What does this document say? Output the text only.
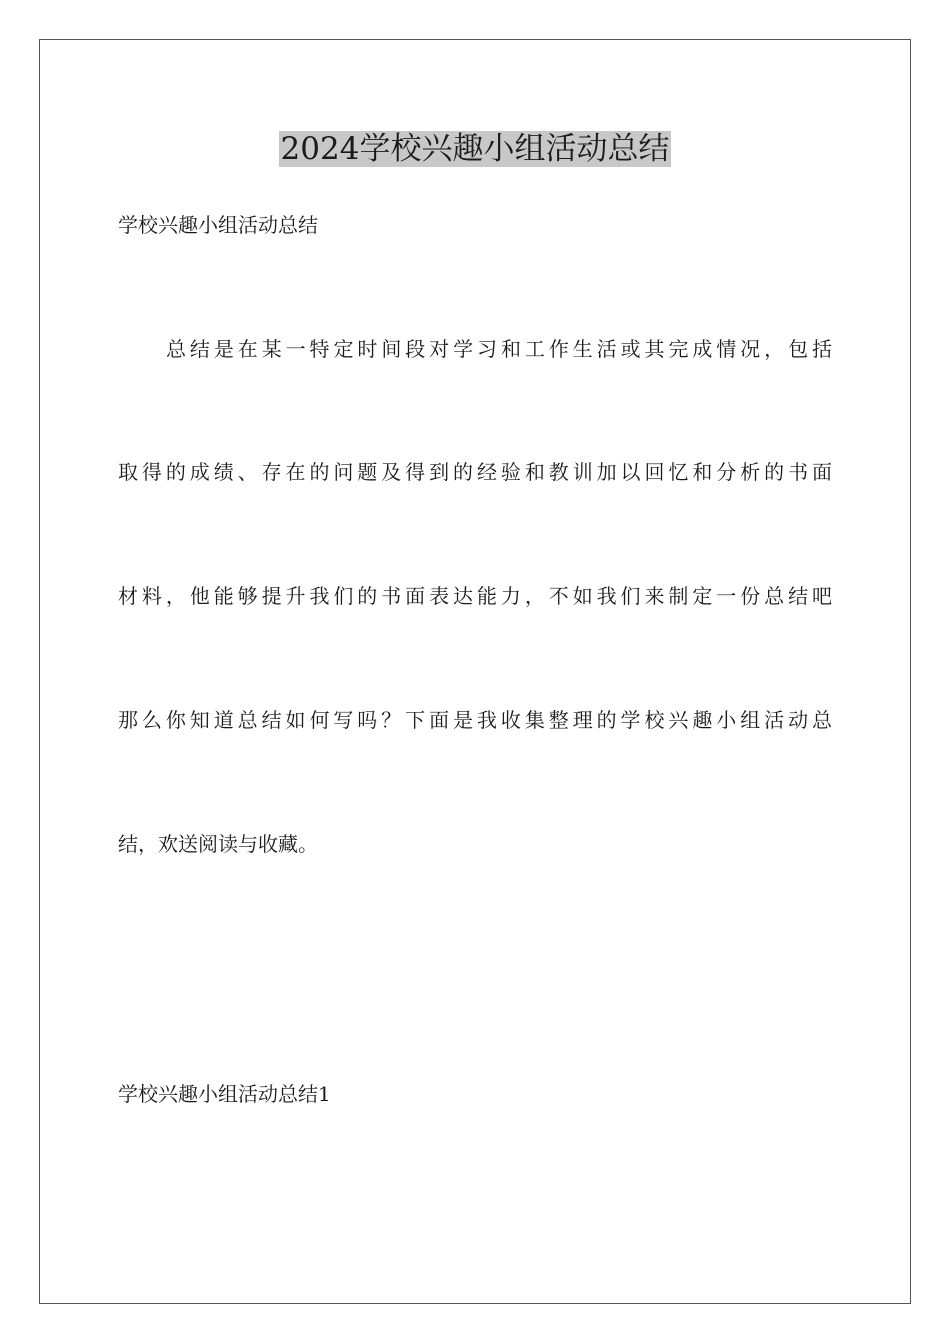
2024学校兴趣小组活动总结

学校兴趣小组活动总结

总结是在某一特定时间段对学习和工作生活或其完成情况，包括

取得的成绩、存在的问题及得到的经验和教训加以回忆和分析的书面

材料，他能够提升我们的书面表达能力，不如我们来制定一份总结吧

那么你知道总结如何写吗？下面是我收集整理的学校兴趣小组活动总

结，欢送阅读与收藏。

学校兴趣小组活动总结1
